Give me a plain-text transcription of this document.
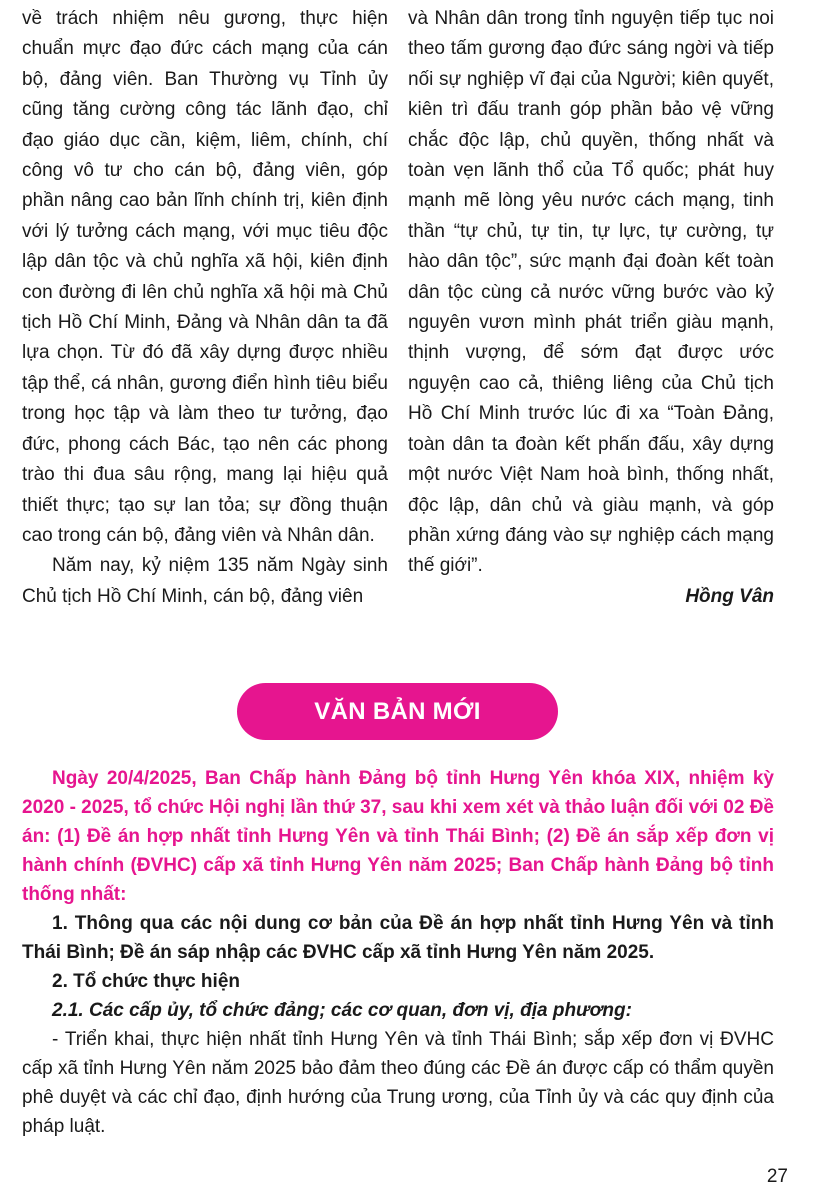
về trách nhiệm nêu gương, thực hiện chuẩn mực đạo đức cách mạng của cán bộ, đảng viên. Ban Thường vụ Tỉnh ủy cũng tăng cường công tác lãnh đạo, chỉ đạo giáo dục cần, kiệm, liêm, chính, chí công vô tư cho cán bộ, đảng viên, góp phần nâng cao bản lĩnh chính trị, kiên định với lý tưởng cách mạng, với mục tiêu độc lập dân tộc và chủ nghĩa xã hội, kiên định con đường đi lên chủ nghĩa xã hội mà Chủ tịch Hồ Chí Minh, Đảng và Nhân dân ta đã lựa chọn. Từ đó đã xây dựng được nhiều tập thể, cá nhân, gương điển hình tiêu biểu trong học tập và làm theo tư tưởng, đạo đức, phong cách Bác, tạo nên các phong trào thi đua sâu rộng, mang lại hiệu quả thiết thực; tạo sự lan tỏa; sự đồng thuận cao trong cán bộ, đảng viên và Nhân dân.

Năm nay, kỷ niệm 135 năm Ngày sinh Chủ tịch Hồ Chí Minh, cán bộ, đảng viên

và Nhân dân trong tỉnh nguyện tiếp tục noi theo tấm gương đạo đức sáng ngời và tiếp nối sự nghiệp vĩ đại của Người; kiên quyết, kiên trì đấu tranh góp phần bảo vệ vững chắc độc lập, chủ quyền, thống nhất và toàn vẹn lãnh thổ của Tổ quốc; phát huy mạnh mẽ lòng yêu nước cách mạng, tinh thần “tự chủ, tự tin, tự lực, tự cường, tự hào dân tộc”, sức mạnh đại đoàn kết toàn dân tộc cùng cả nước vững bước vào kỷ nguyên vươn mình phát triển giàu mạnh, thịnh vượng, để sớm đạt được ước nguyện cao cả, thiêng liêng của Chủ tịch Hồ Chí Minh trước lúc đi xa “Toàn Đảng, toàn dân ta đoàn kết phấn đấu, xây dựng một nước Việt Nam hoà bình, thống nhất, độc lập, dân chủ và giàu mạnh, và góp phần xứng đáng vào sự nghiệp cách mạng thế giới”.

Hồng Vân

VĂN BẢN MỚI

Ngày 20/4/2025, Ban Chấp hành Đảng bộ tỉnh Hưng Yên khóa XIX, nhiệm kỳ 2020 - 2025, tổ chức Hội nghị lần thứ 37, sau khi xem xét và thảo luận đối với 02 Đề án: (1) Đề án hợp nhất tỉnh Hưng Yên và tỉnh Thái Bình; (2) Đề án sắp xếp đơn vị hành chính (ĐVHC) cấp xã tỉnh Hưng Yên năm 2025; Ban Chấp hành Đảng bộ tỉnh thống nhất:

1. Thông qua các nội dung cơ bản của Đề án hợp nhất tỉnh Hưng Yên và tỉnh Thái Bình; Đề án sáp nhập các ĐVHC cấp xã tỉnh Hưng Yên năm 2025.

2. Tổ chức thực hiện

2.1. Các cấp ủy, tổ chức đảng; các cơ quan, đơn vị, địa phương:

- Triển khai, thực hiện nhất tỉnh Hưng Yên và tỉnh Thái Bình; sắp xếp đơn vị ĐVHC cấp xã tỉnh Hưng Yên năm 2025 bảo đảm theo đúng các Đề án được cấp có thẩm quyền phê duyệt và các chỉ đạo, định hướng của Trung ương, của Tỉnh ủy và các quy định của pháp luật.

27
